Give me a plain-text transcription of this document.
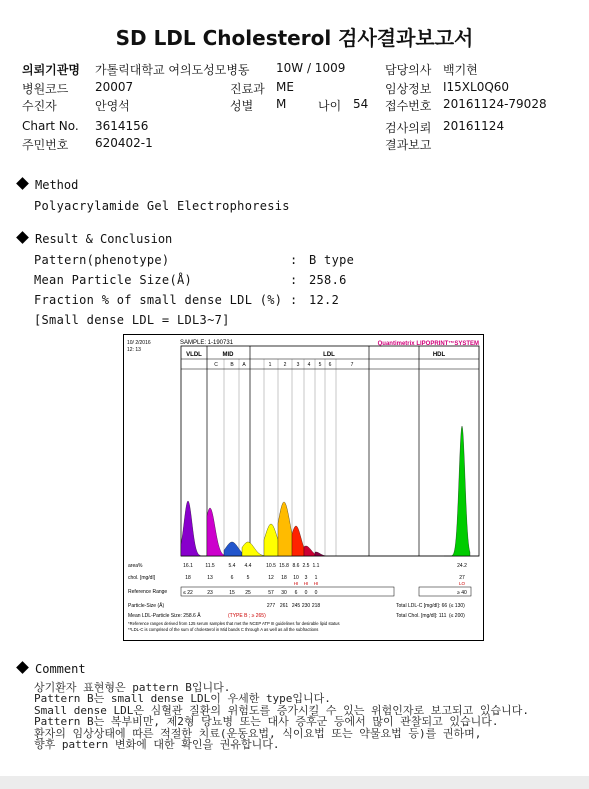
SD LDL Cholesterol 검사결과보고서
의뢰기관명 가톨릭대학교 여의도성모병동 10W / 1009	담당의사 백기현
병원코드 20007	진료과 ME	임상정보 I15XL0Q60
수진자	안영석	성별 M	나이 54 접수번호 20161124-79028
Chart No. 3614156	검사의뢰 20161124
주민번호 620402-1	결과보고
Method
Polyacrylamide Gel Electrophoresis
Result & Conclusion
Pattern(phenotype)	: B type
Mean Particle Size(Å)	: 258.6
Fraction % of small dense LDL (%) : 12.2
[Small dense LDL = LDL3~7]
10/ 2/2016
12: 13
SAMPLE: 1-190731	Quantimetrix LIPOPRINT™SYSTEM
VLDL	MID	LDL	HDL
C	B A	1 2 3 4 5 6	7
area%	16.1 11.5	5.4 4.4	10.5 15.8 8.6 2.5 1.1	24.2
chol. [mg/dl]	18	13	6	5	12 18 10 3 1	27
HI HI HI	LO
Reference Range	≤ 22	23	15 25	57 30 6 0 0	≥ 40
Particle-Size (Å)	277 261 245 230 218
Mean LDL-Particle Size: 258.6 Å	(TYPE B ; ≥ 265)
Total LDL-C [mg/dl]: 66 (≤ 130)
Total Chol. [mg/dl]: 111 (≤ 200)
*Reference ranges derived from 125 serum samples that met the NCEP ATP III guidelines for desirable lipid status
**LDL-C is comprised of the sum of cholesterol in Mid bands C through A as well as all the subfractions
Comment
상기환자 표현형은 pattern B입니다.
Pattern B는 small dense LDL이 우세한 type입니다.
Small dense LDL은 심혈관 질환의 위험도를 증가시킬 수 있는 위험인자로 보고되고 있습니다.
Pattern B는 복부비만, 제2형 당뇨병 또는 대사 증후군 등에서 많이 관찰되고 있습니다.
환자의 임상상태에 따른 적절한 치료(운동요법, 식이요법 또는 약물요법 등)를 권하며,
향후 pattern 변화에 대한 확인을 권유합니다.
